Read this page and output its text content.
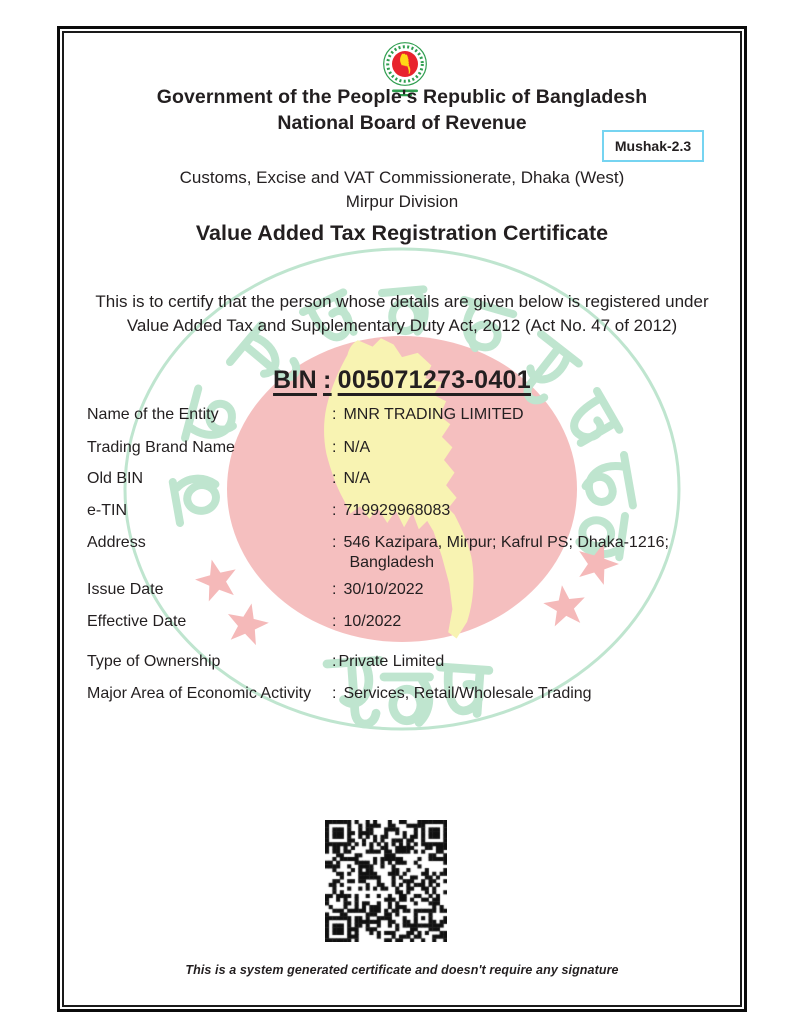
Government of the People's Republic of Bangladesh
National Board of Revenue
Mushak-2.3
Customs, Excise and VAT Commissionerate, Dhaka (West)
Mirpur Division
Value Added Tax Registration Certificate
This is to certify that the person whose details are given below is registered under
Value Added Tax and Supplementary Duty Act, 2012 (Act No. 47 of 2012)
BIN : 005071273-0401
Name of the Entity	: MNR TRADING LIMITED
Trading Brand Name	: N/A
Old BIN	: N/A
e-TIN	: 719929968083
Address	: 546 Kazipara, Mirpur; Kafrul PS; Dhaka-1216;
Bangladesh
Issue Date	: 30/10/2022
Effective Date	: 10/2022
Type of Ownership	: Private Limited
Major Area of Economic Activity	: Services, Retail/Wholesale Trading
This is a system generated certificate and doesn't require any signature
